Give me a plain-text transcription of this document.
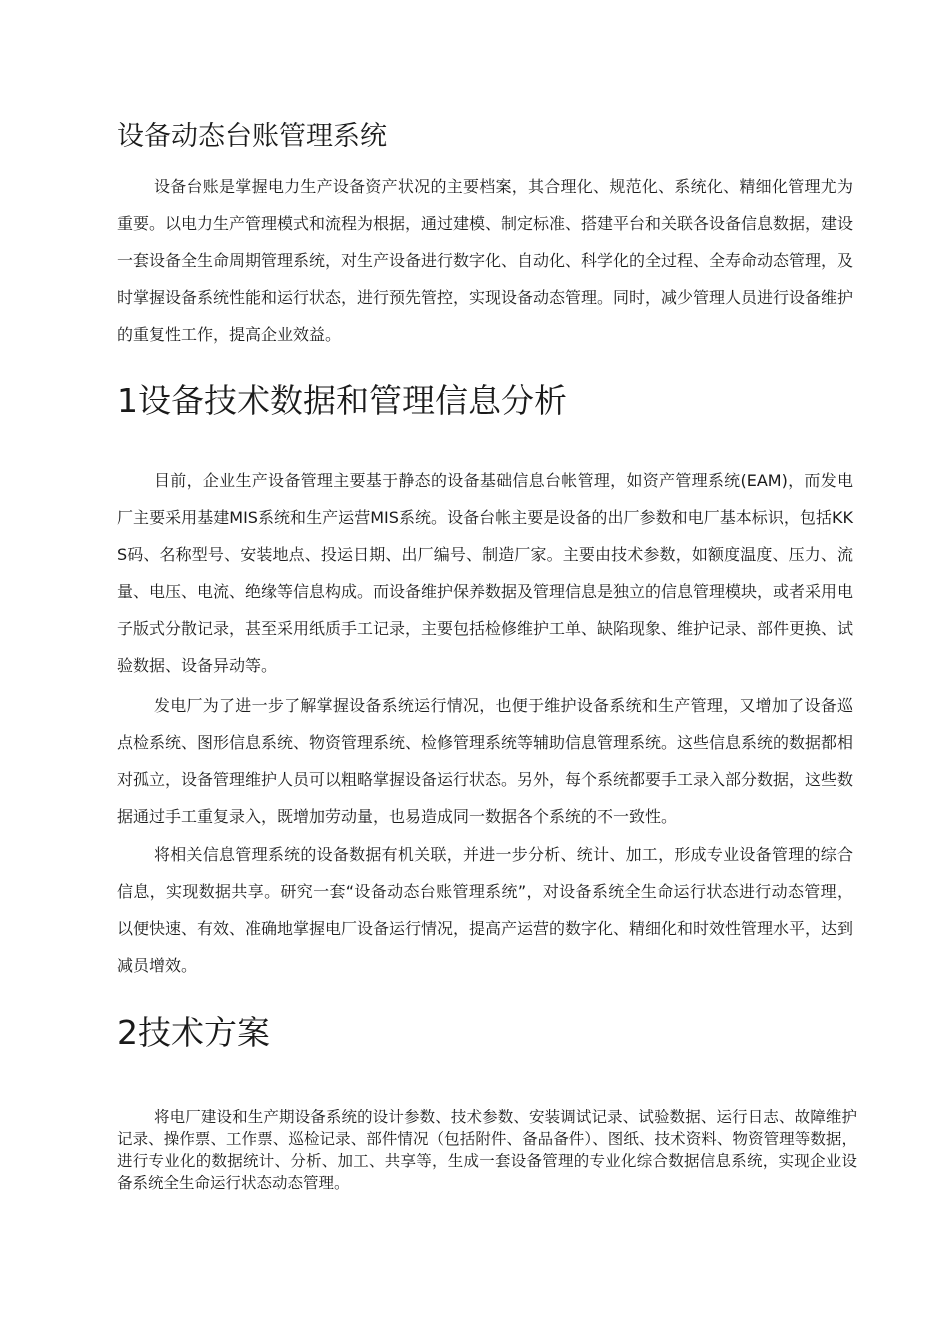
设备动态台账管理系统

设备台账是掌握电力生产设备资产状况的主要档案，其合理化、规范化、系统化、精细化管理尤为重要。以电力生产管理模式和流程为根据，通过建模、制定标准、搭建平台和关联各设备信息数据，建设一套设备全生命周期管理系统，对生产设备进行数字化、自动化、科学化的全过程、全寿命动态管理，及时掌握设备系统性能和运行状态，进行预先管控，实现设备动态管理。同时，减少管理人员进行设备维护的重复性工作，提高企业效益。

1设备技术数据和管理信息分析

目前，企业生产设备管理主要基于静态的设备基础信息台帐管理，如资产管理系统(EAM)，而发电厂主要采用基建MIS系统和生产运营MIS系统。设备台帐主要是设备的出厂参数和电厂基本标识，包括KKS码、名称型号、安装地点、投运日期、出厂编号、制造厂家。主要由技术参数，如额度温度、压力、流量、电压、电流、绝缘等信息构成。而设备维护保养数据及管理信息是独立的信息管理模块，或者采用电子版式分散记录，甚至采用纸质手工记录，主要包括检修维护工单、缺陷现象、维护记录、部件更换、试验数据、设备异动等。

发电厂为了进一步了解掌握设备系统运行情况，也便于维护设备系统和生产管理，又增加了设备巡点检系统、图形信息系统、物资管理系统、检修管理系统等辅助信息管理系统。这些信息系统的数据都相对孤立，设备管理维护人员可以粗略掌握设备运行状态。另外，每个系统都要手工录入部分数据，这些数据通过手工重复录入，既增加劳动量，也易造成同一数据各个系统的不一致性。

将相关信息管理系统的设备数据有机关联，并进一步分析、统计、加工，形成专业设备管理的综合信息，实现数据共享。研究一套“设备动态台账管理系统”，对设备系统全生命运行状态进行动态管理，以便快速、有效、准确地掌握电厂设备运行情况，提高产运营的数字化、精细化和时效性管理水平，达到减员增效。

2技术方案

将电厂建设和生产期设备系统的设计参数、技术参数、安装调试记录、试验数据、运行日志、故障维护记录、操作票、工作票、巡检记录、部件情况（包括附件、备品备件）、图纸、技术资料、物资管理等数据，进行专业化的数据统计、分析、加工、共享等，生成一套设备管理的专业化综合数据信息系统，实现企业设备系统全生命运行状态动态管理。
